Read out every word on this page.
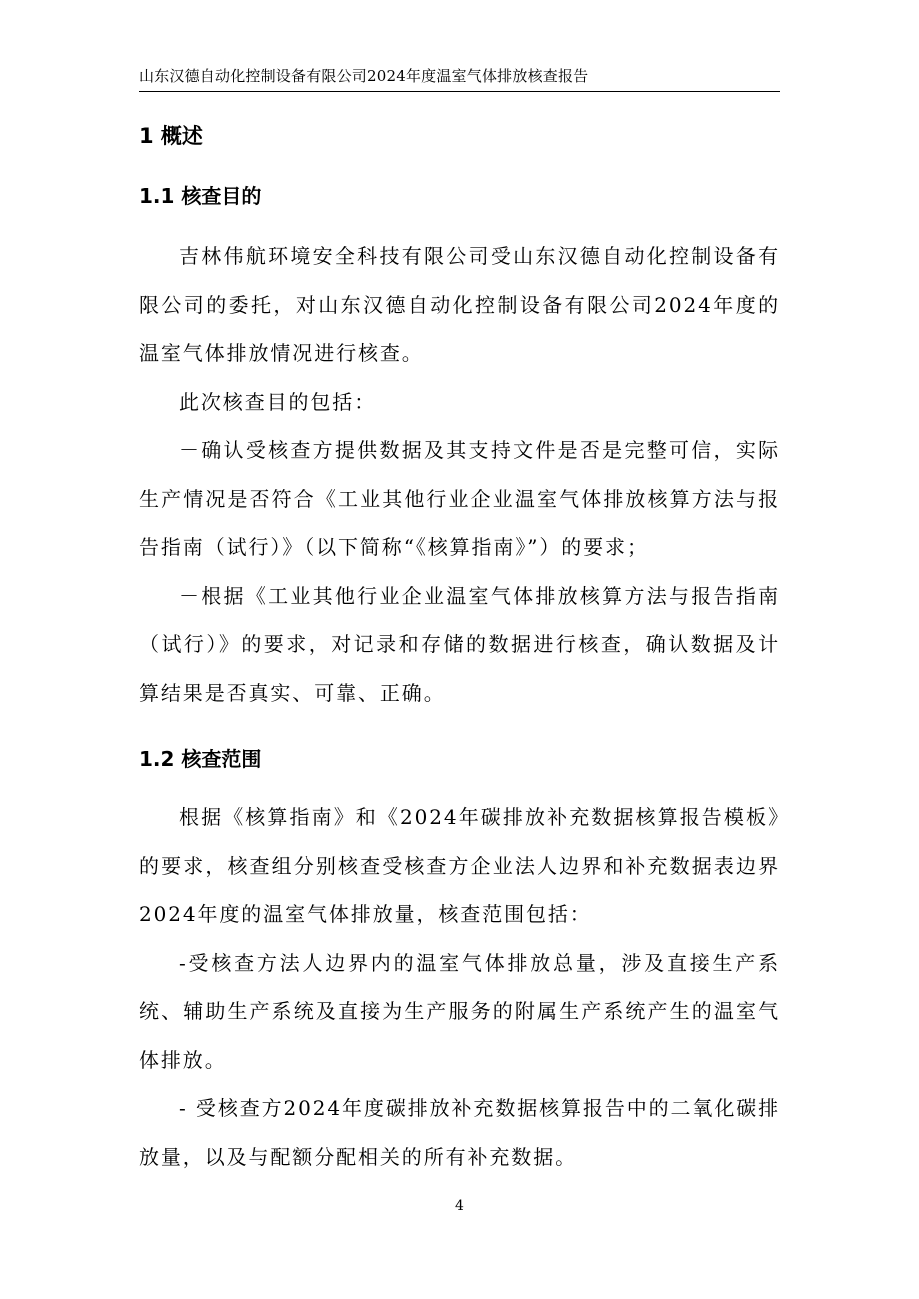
山东汉德自动化控制设备有限公司2024年度温室气体排放核查报告
1 概述
1.1 核查目的

吉林伟航环境安全科技有限公司受山东汉德自动化控制设备有限公司的委托，对山东汉德自动化控制设备有限公司2024年度的温室气体排放情况进行核查。

此次核查目的包括：

－确认受核查方提供数据及其支持文件是否是完整可信，实际生产情况是否符合《工业其他行业企业温室气体排放核算方法与报告指南（试行）》（以下简称“《核算指南》”）的要求；

－根据《工业其他行业企业温室气体排放核算方法与报告指南（试行）》的要求，对记录和存储的数据进行核查，确认数据及计算结果是否真实、可靠、正确。

1.2 核查范围

根据《核算指南》和《2024年碳排放补充数据核算报告模板》的要求，核查组分别核查受核查方企业法人边界和补充数据表边界2024年度的温室气体排放量，核查范围包括：

-受核查方法人边界内的温室气体排放总量，涉及直接生产系统、辅助生产系统及直接为生产服务的附属生产系统产生的温室气体排放。

- 受核查方2024年度碳排放补充数据核算报告中的二氧化碳排放量，以及与配额分配相关的所有补充数据。

4
